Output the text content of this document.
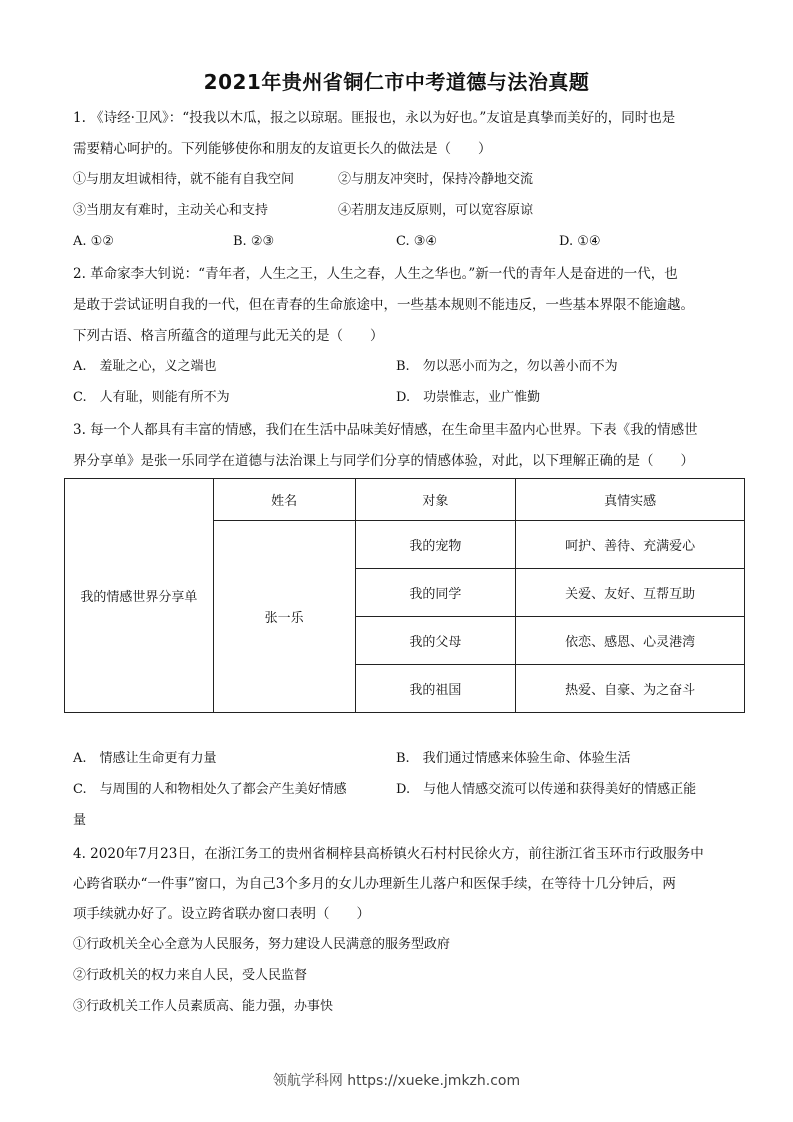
2021年贵州省铜仁市中考道德与法治真题
1. 《诗经·卫风》：“投我以木瓜，报之以琼琚。匪报也，永以为好也。”友谊是真挚而美好的，同时也是
需要精心呵护的。下列能够使你和朋友的友谊更长久的做法是（　　）
①与朋友坦诚相待，就不能有自我空间	②与朋友冲突时，保持冷静地交流
③当朋友有难时，主动关心和支持	④若朋友违反原则，可以宽容原谅
A. ①②	B. ②③	C. ③④	D. ①④
2. 革命家李大钊说：“青年者，人生之王，人生之春，人生之华也。”新一代的青年人是奋进的一代，也
是敢于尝试证明自我的一代，但在青春的生命旅途中，一些基本规则不能违反，一些基本界限不能逾越。
下列古语、格言所蕴含的道理与此无关的是（　　）
A.　羞耻之心，义之端也	B.　勿以恶小而为之，勿以善小而不为
C.　人有耻，则能有所不为	D.　功崇惟志，业广惟勤
3. 每一个人都具有丰富的情感，我们在生活中品味美好情感，在生命里丰盈内心世界。下表《我的情感世
界分享单》是张一乐同学在道德与法治课上与同学们分享的情感体验，对此，以下理解正确的是（　　）
我的情感世界分享单	姓名	对象	真情实感
	张一乐	我的宠物	呵护、善待、充满爱心
		我的同学	关爱、友好、互帮互助
		我的父母	依恋、感恩、心灵港湾
		我的祖国	热爱、自豪、为之奋斗
A.　情感让生命更有力量	B.　我们通过情感来体验生命、体验生活
C.　与周围的人和物相处久了都会产生美好情感	D.　与他人情感交流可以传递和获得美好的情感正能
量
4. 2020年7月23日，在浙江务工的贵州省桐梓县高桥镇火石村村民徐火方，前往浙江省玉环市行政服务中
心跨省联办“一件事”窗口，为自己3个多月的女儿办理新生儿落户和医保手续，在等待十几分钟后，两
项手续就办好了。设立跨省联办窗口表明（　　）
①行政机关全心全意为人民服务，努力建设人民满意的服务型政府
②行政机关的权力来自人民，受人民监督
③行政机关工作人员素质高、能力强，办事快
领航学科网 https://xueke.jmkzh.com
